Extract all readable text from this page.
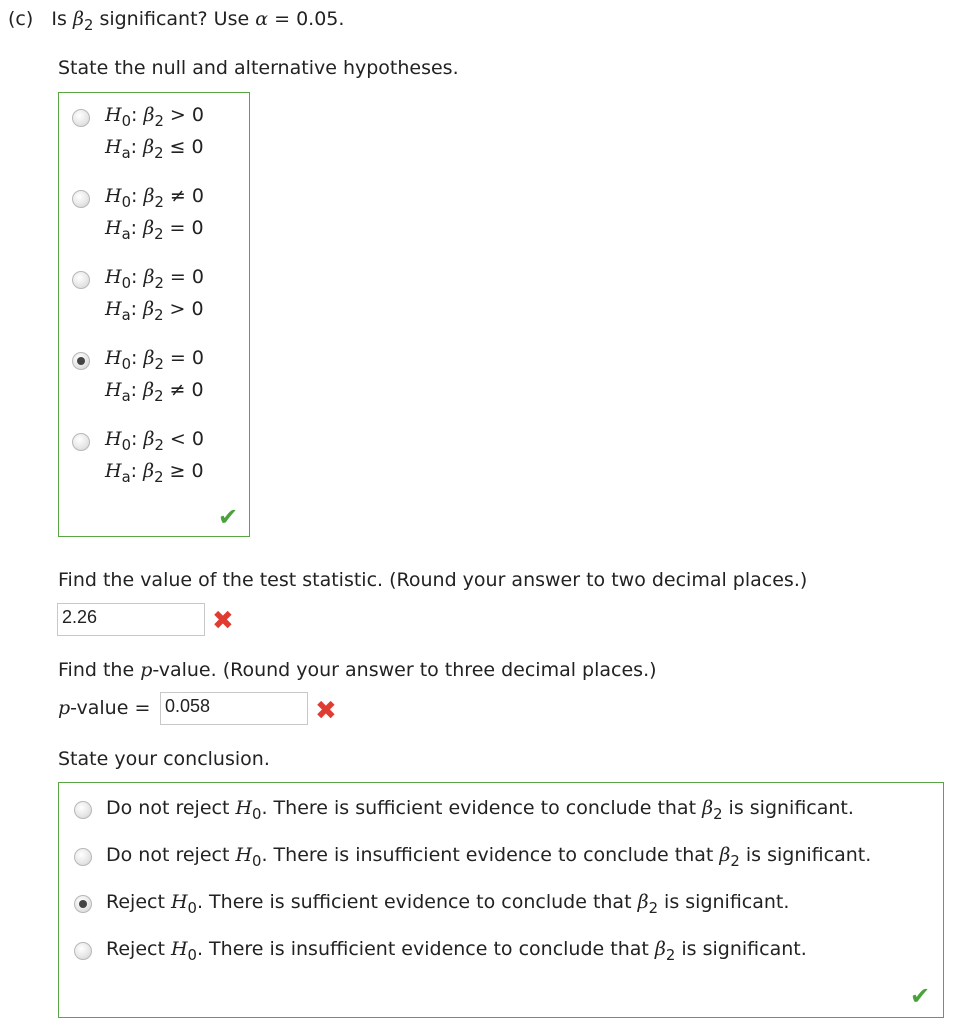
(c) Is $\beta_2$ significant? Use α = 0.05.
State the null and alternative hypotheses.
$H_0$: $\beta_2 > 0$
$H_a$: $\beta_2 \le 0$
$H_0$: $\beta_2 \ne 0$
$H_a$: $\beta_2 = 0$
$H_0$: $\beta_2 = 0$
$H_a$: $\beta_2 > 0$
$H_0$: $\beta_2 = 0$
$H_a$: $\beta_2 \ne 0$
$H_0$: $\beta_2 < 0$
$H_a$: $\beta_2 \ge 0$
✔
Find the value of the test statistic. (Round your answer to two decimal places.)
2.26	✖
Find the p-value. (Round your answer to three decimal places.)
p-value = 0.058	✖
State your conclusion.
Do not reject $H_0$. There is sufficient evidence to conclude that $\beta_2$ is significant.
Do not reject $H_0$. There is insufficient evidence to conclude that $\beta_2$ is significant.
Reject $H_0$. There is sufficient evidence to conclude that $\beta_2$ is significant.
Reject $H_0$. There is insufficient evidence to conclude that $\beta_2$ is significant.
✔
